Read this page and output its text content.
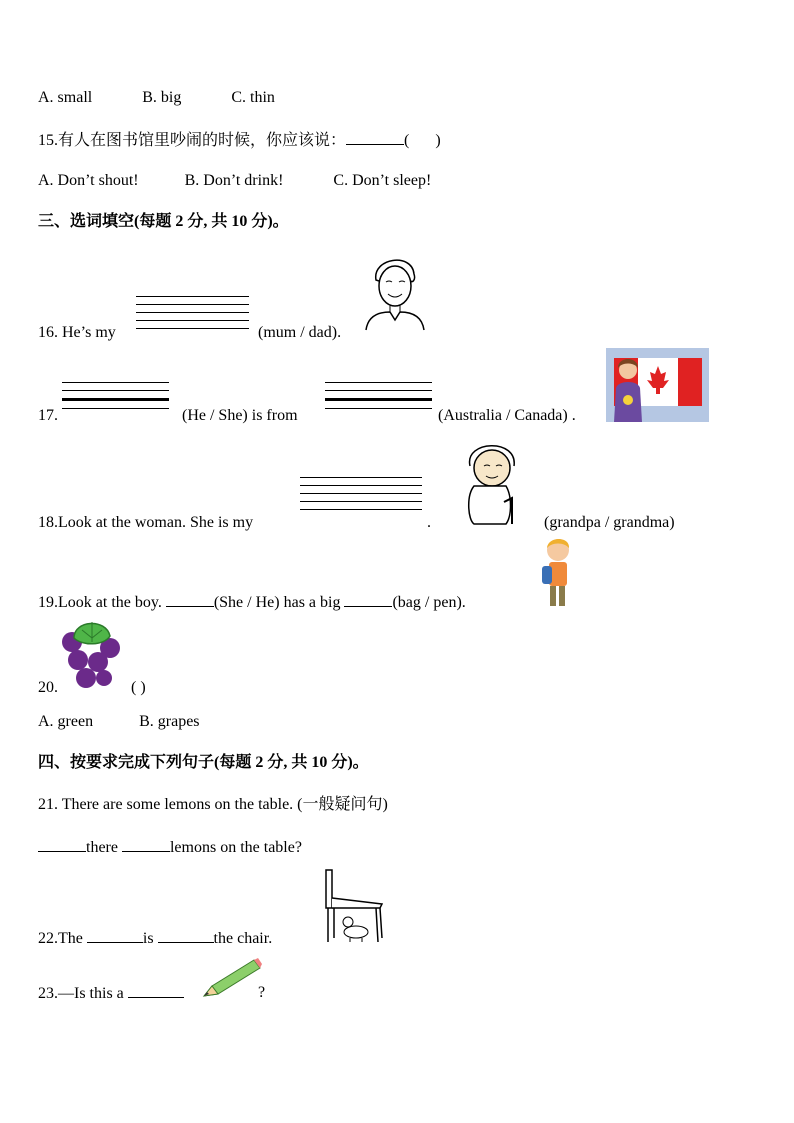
A. small	B. big	C. thin
15.有人在图书馆里吵闹的时候，你应该说：	( )
A. Don’t shout!	B. Don’t drink!	C. Don’t sleep!
三、选词填空(每题 2 分, 共 10 分)。
16. He’s my	(mum / dad).
17.	(He / She) is from	(Australia / Canada) .
18.Look at the woman. She is my	.	(grandpa / grandma)
19.Look at the boy.	(She / He) has a big	(bag / pen).
20.	( )
A. green	B. grapes
四、按要求完成下列句子(每题 2 分, 共 10 分)。
21. There are some lemons on the table. (一般疑问句)
there	lemons on the table?
22.The	is	the chair.
23.—Is this a	?
